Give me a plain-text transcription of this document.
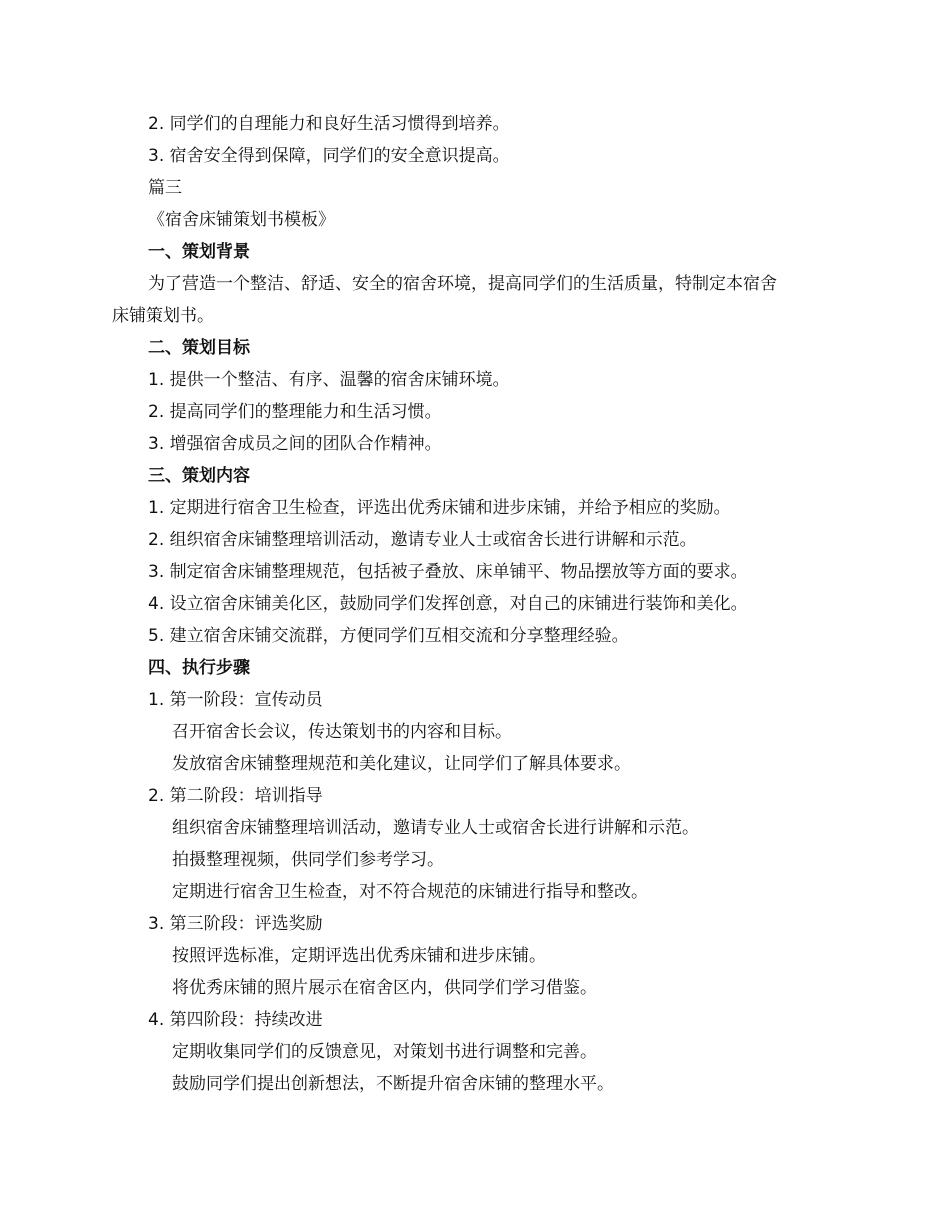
2. 同学们的自理能力和良好生活习惯得到培养。
3. 宿舍安全得到保障，同学们的安全意识提高。
篇三
《宿舍床铺策划书模板》
一、策划背景
为了营造一个整洁、舒适、安全的宿舍环境，提高同学们的生活质量，特制定本宿舍
床铺策划书。
二、策划目标
1. 提供一个整洁、有序、温馨的宿舍床铺环境。
2. 提高同学们的整理能力和生活习惯。
3. 增强宿舍成员之间的团队合作精神。
三、策划内容
1. 定期进行宿舍卫生检查，评选出优秀床铺和进步床铺，并给予相应的奖励。
2. 组织宿舍床铺整理培训活动，邀请专业人士或宿舍长进行讲解和示范。
3. 制定宿舍床铺整理规范，包括被子叠放、床单铺平、物品摆放等方面的要求。
4. 设立宿舍床铺美化区，鼓励同学们发挥创意，对自己的床铺进行装饰和美化。
5. 建立宿舍床铺交流群，方便同学们互相交流和分享整理经验。
四、执行步骤
1. 第一阶段：宣传动员
召开宿舍长会议，传达策划书的内容和目标。
发放宿舍床铺整理规范和美化建议，让同学们了解具体要求。
2. 第二阶段：培训指导
组织宿舍床铺整理培训活动，邀请专业人士或宿舍长进行讲解和示范。
拍摄整理视频，供同学们参考学习。
定期进行宿舍卫生检查，对不符合规范的床铺进行指导和整改。
3. 第三阶段：评选奖励
按照评选标准，定期评选出优秀床铺和进步床铺。
将优秀床铺的照片展示在宿舍区内，供同学们学习借鉴。
4. 第四阶段：持续改进
定期收集同学们的反馈意见，对策划书进行调整和完善。
鼓励同学们提出创新想法，不断提升宿舍床铺的整理水平。
